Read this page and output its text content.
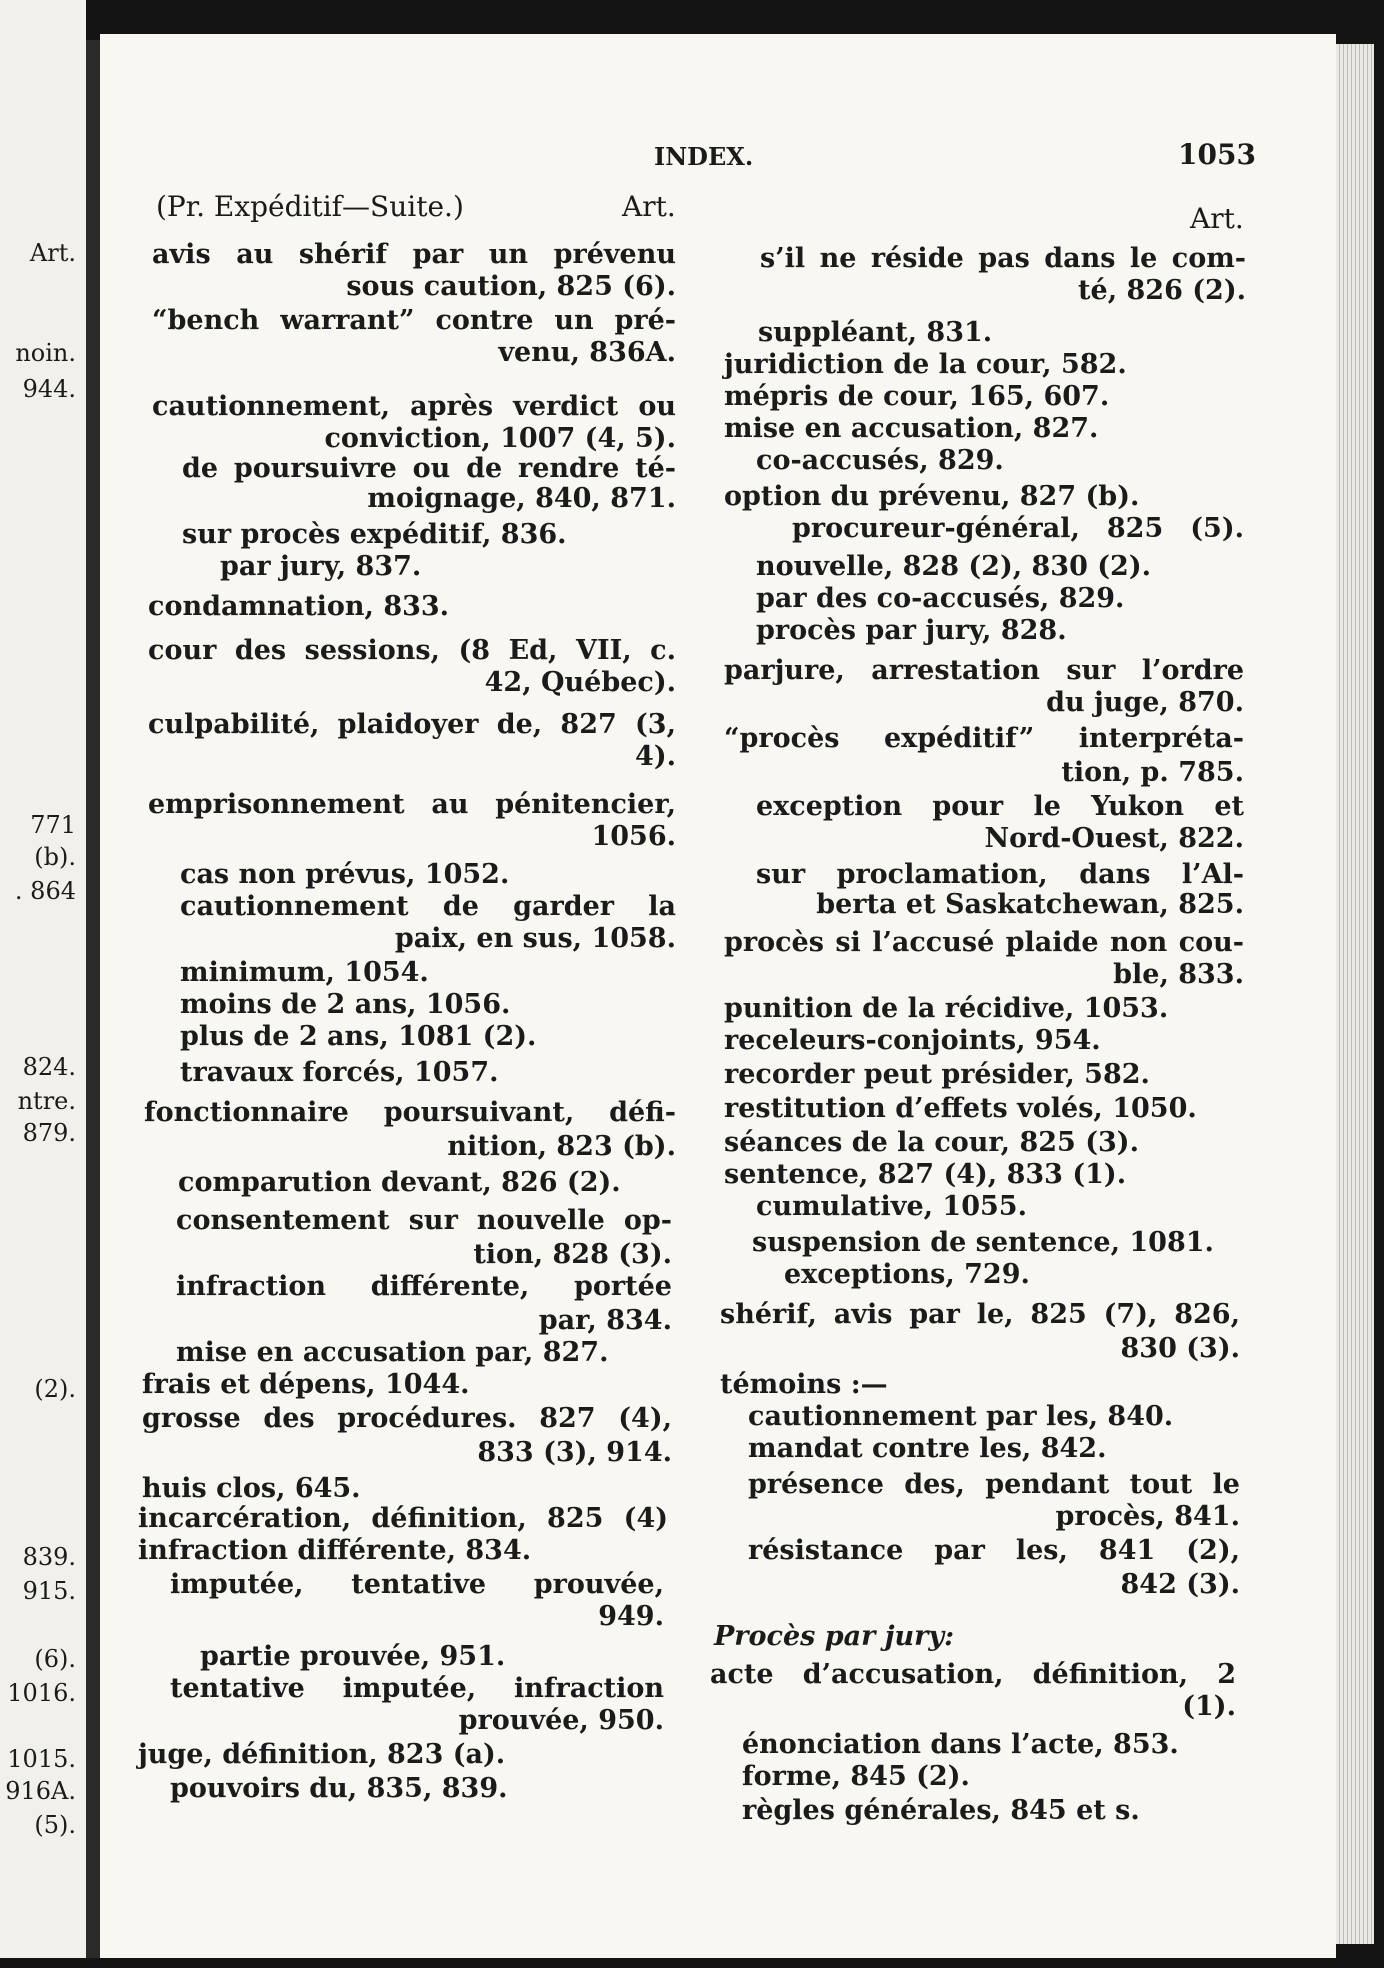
Art.
noin.
944.
771
(b).
. 864
824.
ntre.
879.
(2).
839.
915.
(6).
1016.
1015.
916A.
(5).
INDEX.	1053
(Pr. Expéditif—Suite.)	Art.
avis au shérif par un prévenu
sous caution, 825 (6).
“bench warrant” contre un pré-
venu, 836A.
cautionnement, après verdict ou
conviction, 1007 (4, 5).
de poursuivre ou de rendre té-
moignage, 840, 871.
sur procès expéditif, 836.
par jury, 837.
condamnation, 833.
cour des sessions, (8 Ed, VII, c.
42, Québec).
culpabilité, plaidoyer de, 827 (3,
4).
emprisonnement au pénitencier,
1056.
cas non prévus, 1052.
cautionnement de garder la
paix, en sus, 1058.
minimum, 1054.
moins de 2 ans, 1056.
plus de 2 ans, 1081 (2).
travaux forcés, 1057.
fonctionnaire poursuivant, défi-
nition, 823 (b).
comparution devant, 826 (2).
consentement sur nouvelle op-
tion, 828 (3).
infraction différente, portée
par, 834.
mise en accusation par, 827.
frais et dépens, 1044.
grosse des procédures. 827 (4),
833 (3), 914.
huis clos, 645.
incarcération, définition, 825 (4)
infraction différente, 834.
imputée, tentative prouvée,
949.
partie prouvée, 951.
tentative imputée, infraction
prouvée, 950.
juge, définition, 823 (a).
pouvoirs du, 835, 839.
Art.
s’il ne réside pas dans le com-
té, 826 (2).
suppléant, 831.
juridiction de la cour, 582.
mépris de cour, 165, 607.
mise en accusation, 827.
co-accusés, 829.
option du prévenu, 827 (b).
procureur-général, 825 (5).
nouvelle, 828 (2), 830 (2).
par des co-accusés, 829.
procès par jury, 828.
parjure, arrestation sur l’ordre
du juge, 870.
“procès expéditif” interpréta-
tion, p. 785.
exception pour le Yukon et
Nord-Ouest, 822.
sur proclamation, dans l’Al-
berta et Saskatchewan, 825.
procès si l’accusé plaide non cou-
ble, 833.
punition de la récidive, 1053.
receleurs-conjoints, 954.
recorder peut présider, 582.
restitution d’effets volés, 1050.
séances de la cour, 825 (3).
sentence, 827 (4), 833 (1).
cumulative, 1055.
suspension de sentence, 1081.
exceptions, 729.
shérif, avis par le, 825 (7), 826,
830 (3).
témoins :—
cautionnement par les, 840.
mandat contre les, 842.
présence des, pendant tout le
procès, 841.
résistance par les, 841 (2),
842 (3).
Procès par jury:
acte d’accusation, définition, 2
(1).
énonciation dans l’acte, 853.
forme, 845 (2).
règles générales, 845 et s.
